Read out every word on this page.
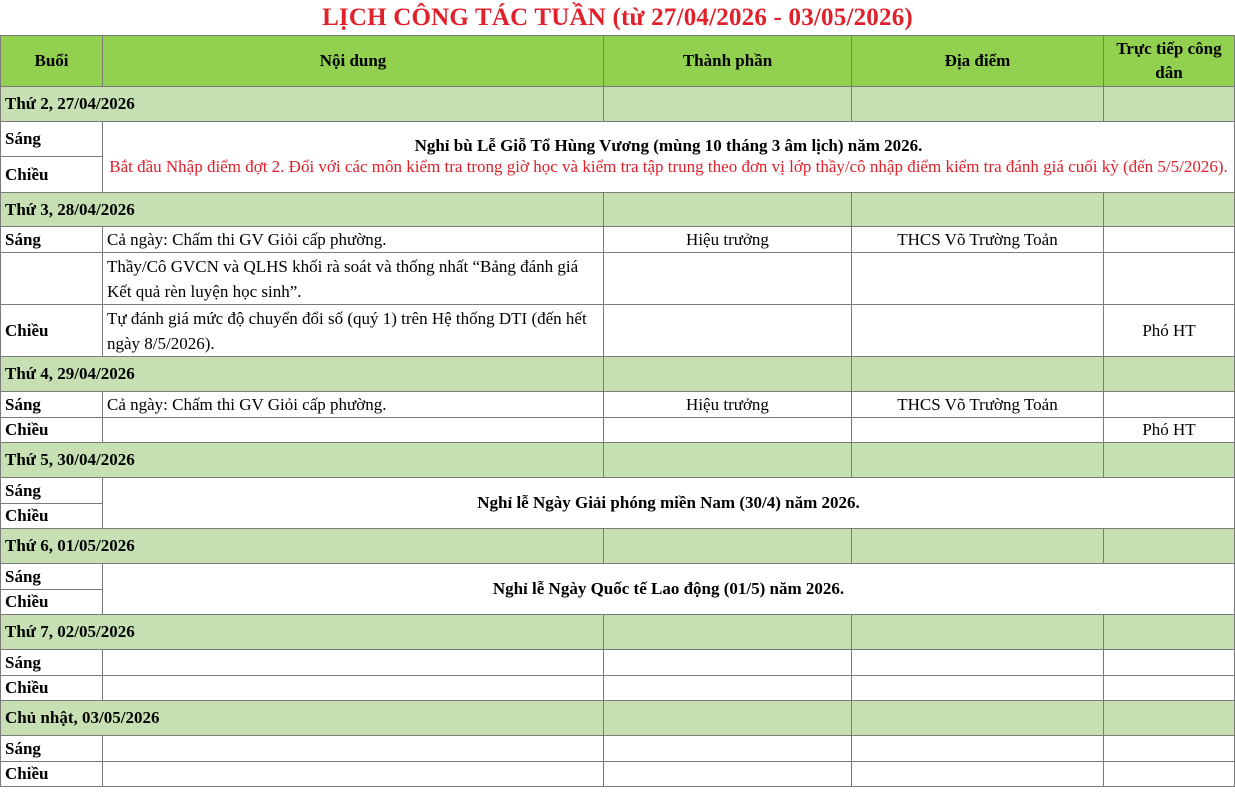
LỊCH CÔNG TÁC TUẦN (từ 27/04/2026 - 03/05/2026)
Buổi	Nội dung	Thành phần	Địa điểm	Trực tiếp công dân
Thứ 2, 27/04/2026				
Sáng	Nghỉ bù Lễ Giỗ Tổ Hùng Vương (mùng 10 tháng 3 âm lịch) năm 2026.
Bắt đầu Nhập điểm đợt 2. Đối với các môn kiểm tra trong giờ học và kiểm tra tập trung theo đơn vị lớp thầy/cô nhập điểm kiểm tra đánh giá cuối kỳ (đến 5/5/2026).			

Chiều				
Thứ 3, 28/04/2026				
Sáng	Cả ngày: Chấm thi GV Giỏi cấp phường.	Hiệu trưởng	THCS Võ Trường Toản	
	Thầy/Cô GVCN và QLHS khối rà soát và thống nhất “Bảng đánh giá Kết quả rèn luyện học sinh”.			
Chiều	Tự đánh giá mức độ chuyển đổi số (quý 1) trên Hệ thống DTI (đến hết ngày 8/5/2026).			Phó HT
Thứ 4, 29/04/2026				
Sáng	Cả ngày: Chấm thi GV Giỏi cấp phường.	Hiệu trưởng	THCS Võ Trường Toản	
Chiều				Phó HT
Thứ 5, 30/04/2026				
Sáng	Nghỉ lễ Ngày Giải phóng miền Nam (30/4) năm 2026.			
Chiều				
Thứ 6, 01/05/2026				
Sáng	Nghỉ lễ Ngày Quốc tế Lao động (01/5) năm 2026.			
Chiều				
Thứ 7, 02/05/2026				
Sáng				
Chiều				
Chủ nhật, 03/05/2026				
Sáng				
Chiều				
